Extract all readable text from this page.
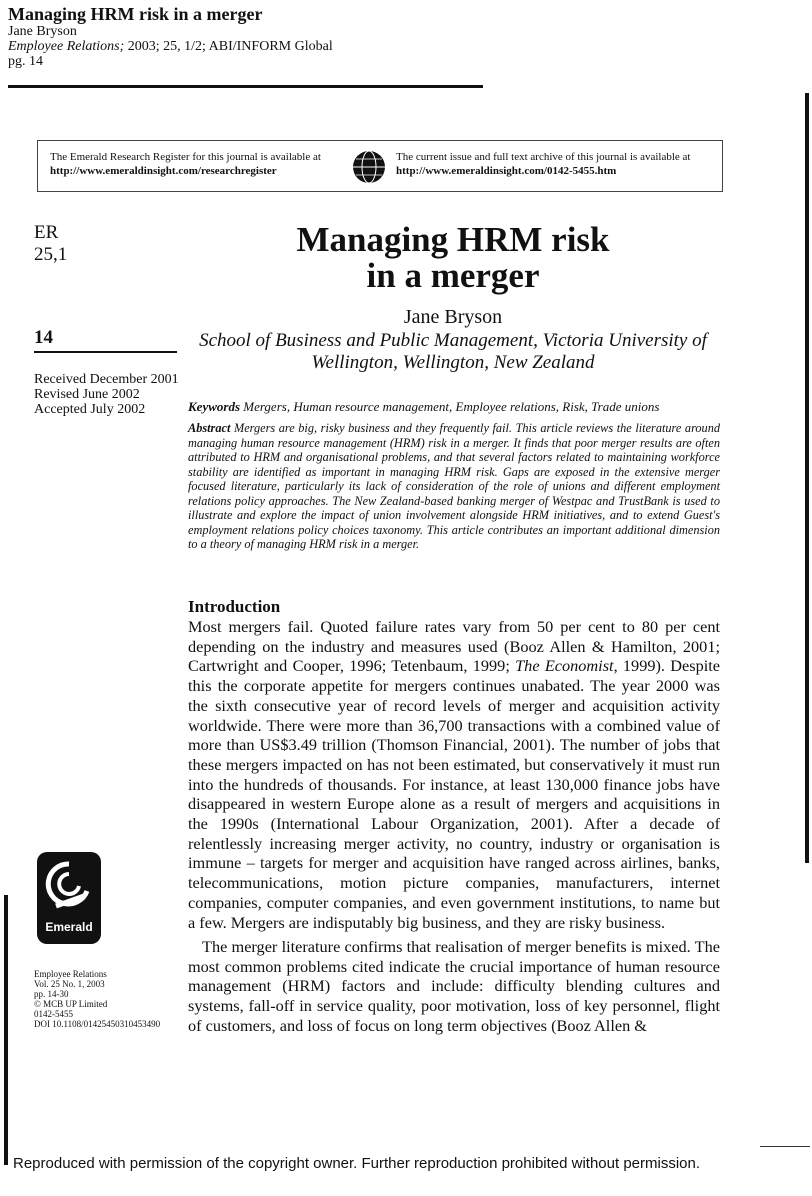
Managing HRM risk in a merger
Jane Bryson
Employee Relations; 2003; 25, 1/2; ABI/INFORM Global
pg. 14
The Emerald Research Register for this journal is available at
http://www.emeraldinsight.com/researchregister
The current issue and full text archive of this journal is available at
http://www.emeraldinsight.com/0142-5455.htm
ER
25,1
14
Received December 2001
Revised June 2002
Accepted July 2002
Managing HRM risk
in a merger
Jane Bryson
School of Business and Public Management, Victoria University of
Wellington, Wellington, New Zealand
Keywords Mergers, Human resource management, Employee relations, Risk, Trade unions
Abstract Mergers are big, risky business and they frequently fail. This article reviews the literature around managing human resource management (HRM) risk in a merger. It finds that poor merger results are often attributed to HRM and organisational problems, and that several factors related to maintaining workforce stability are identified as important in managing HRM risk. Gaps are exposed in the extensive merger focused literature, particularly its lack of consideration of the role of unions and different employment relations policy approaches. The New Zealand-based banking merger of Westpac and TrustBank is used to illustrate and explore the impact of union involvement alongside HRM initiatives, and to extend Guest's employment relations policy choices taxonomy. This article contributes an important additional dimension to a theory of managing HRM risk in a merger.
Introduction
Most mergers fail. Quoted failure rates vary from 50 per cent to 80 per cent depending on the industry and measures used (Booz Allen & Hamilton, 2001; Cartwright and Cooper, 1996; Tetenbaum, 1999; The Economist, 1999). Despite this the corporate appetite for mergers continues unabated. The year 2000 was the sixth consecutive year of record levels of merger and acquisition activity worldwide. There were more than 36,700 transactions with a combined value of more than US$3.49 trillion (Thomson Financial, 2001). The number of jobs that these mergers impacted on has not been estimated, but conservatively it must run into the hundreds of thousands. For instance, at least 130,000 finance jobs have disappeared in western Europe alone as a result of mergers and acquisitions in the 1990s (International Labour Organization, 2001). After a decade of relentlessly increasing merger activity, no country, industry or organisation is immune – targets for merger and acquisition have ranged across airlines, banks, telecommunications, motion picture companies, manufacturers, internet companies, computer companies, and even government institutions, to name but a few. Mergers are indisputably big business, and they are risky business.
The merger literature confirms that realisation of merger benefits is mixed. The most common problems cited indicate the crucial importance of human resource management (HRM) factors and include: difficulty blending cultures and systems, fall-off in service quality, poor motivation, loss of key personnel, flight of customers, and loss of focus on long term objectives (Booz Allen &
Emerald
Employee Relations
Vol. 25 No. 1, 2003
pp. 14-30
© MCB UP Limited
0142-5455
DOI 10.1108/01425450310453490
Reproduced with permission of the copyright owner. Further reproduction prohibited without permission.
